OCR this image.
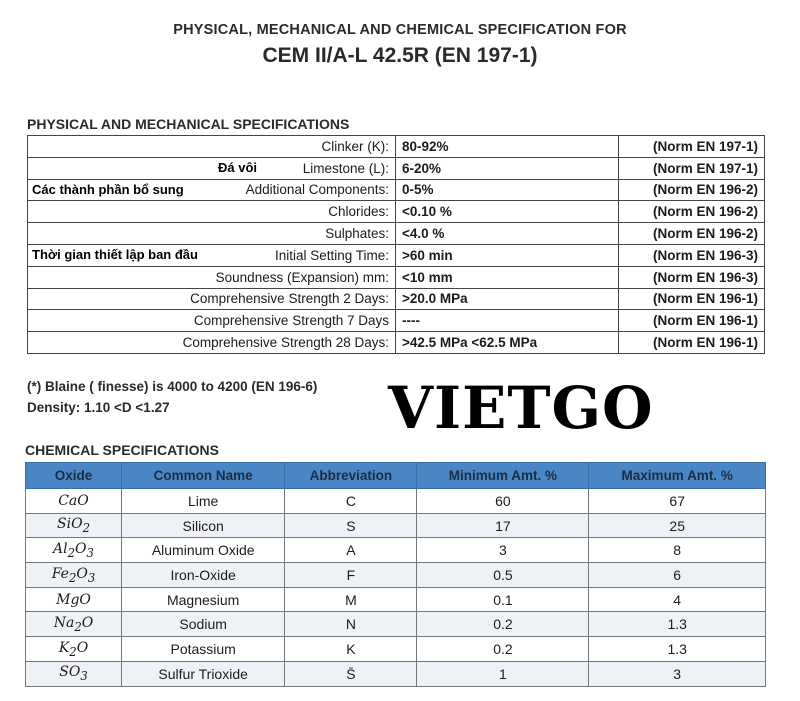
PHYSICAL, MECHANICAL AND CHEMICAL SPECIFICATION FOR
CEM II/A-L 42.5R (EN 197-1)
PHYSICAL AND MECHANICAL SPECIFICATIONS
Clinker (K):	80-92%	(Norm EN 197-1)

Đá vôi Limestone (L):	6-20%	(Norm EN 197-1)

Các thành phần bổ sung Additional Components:	0-5%	(Norm EN 196-2)
Chlorides:	<0.10 %	(Norm EN 196-2)
Sulphates:	<4.0 %	(Norm EN 196-2)

Thời gian thiết lập ban đầu Initial Setting Time:	>60 min	(Norm EN 196-3)
Soundness (Expansion) mm:	<10 mm	(Norm EN 196-3)
Comprehensive Strength 2 Days:	>20.0 MPa	(Norm EN 196-1)
Comprehensive Strength 7 Days	----	(Norm EN 196-1)
Comprehensive Strength 28 Days:	>42.5 MPa <62.5 MPa	(Norm EN 196-1)
(*) Blaine ( finesse) is 4000 to 4200 (EN 196-6)
Density: 1.10 <D <1.27	VIETGO
CHEMICAL SPECIFICATIONS
Oxide	Common Name	Abbreviation	Minimum Amt. %	Maximum Amt. %
CaO	Lime	C	60	67
SiO$_2$	Silicon	S	17	25
$Al_2O_3$	Aluminum Oxide	A	3	8
$Fe_2O_3$	Iron-Oxide	F	0.5	6
MgO	Magnesium	M	0.1	4
$Na_2O$	Sodium	N	0.2	1.3
$K_2O$	Potassium	K	0.2	1.3
$SO_3$	Sulfur Trioxide	S̄	1	3
